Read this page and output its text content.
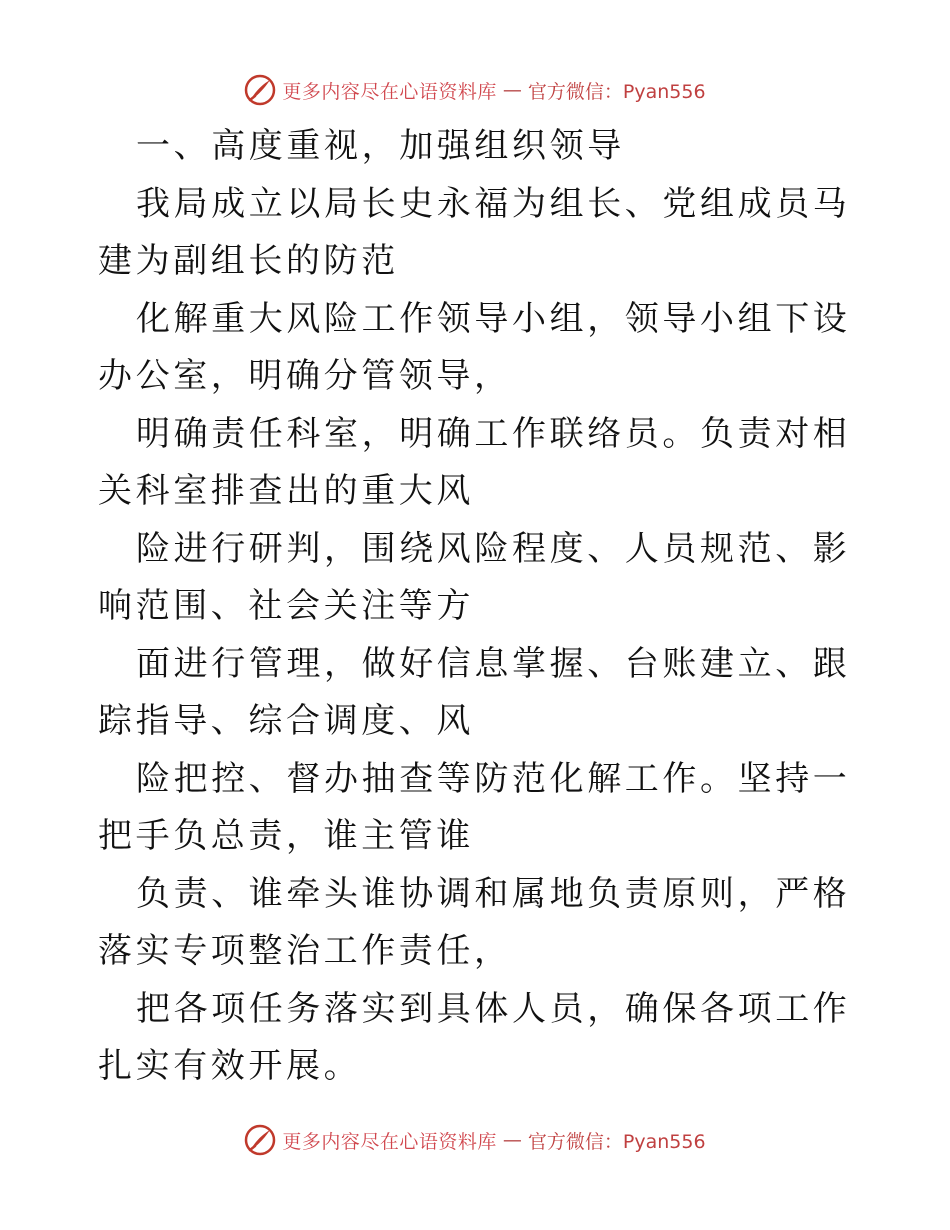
更多内容尽在心语资料库 — 官方微信：Pyan556

一、高度重视，加强组织领导

我局成立以局长史永福为组长、党组成员马建为副组长的防范

化解重大风险工作领导小组，领导小组下设办公室，明确分管领导，

明确责任科室，明确工作联络员。负责对相关科室排查出的重大风

险进行研判，围绕风险程度、人员规范、影响范围、社会关注等方

面进行管理，做好信息掌握、台账建立、跟踪指导、综合调度、风

险把控、督办抽查等防范化解工作。坚持一把手负总责，谁主管谁

负责、谁牵头谁协调和属地负责原则，严格落实专项整治工作责任，

把各项任务落实到具体人员，确保各项工作扎实有效开展。

更多内容尽在心语资料库 — 官方微信：Pyan556
